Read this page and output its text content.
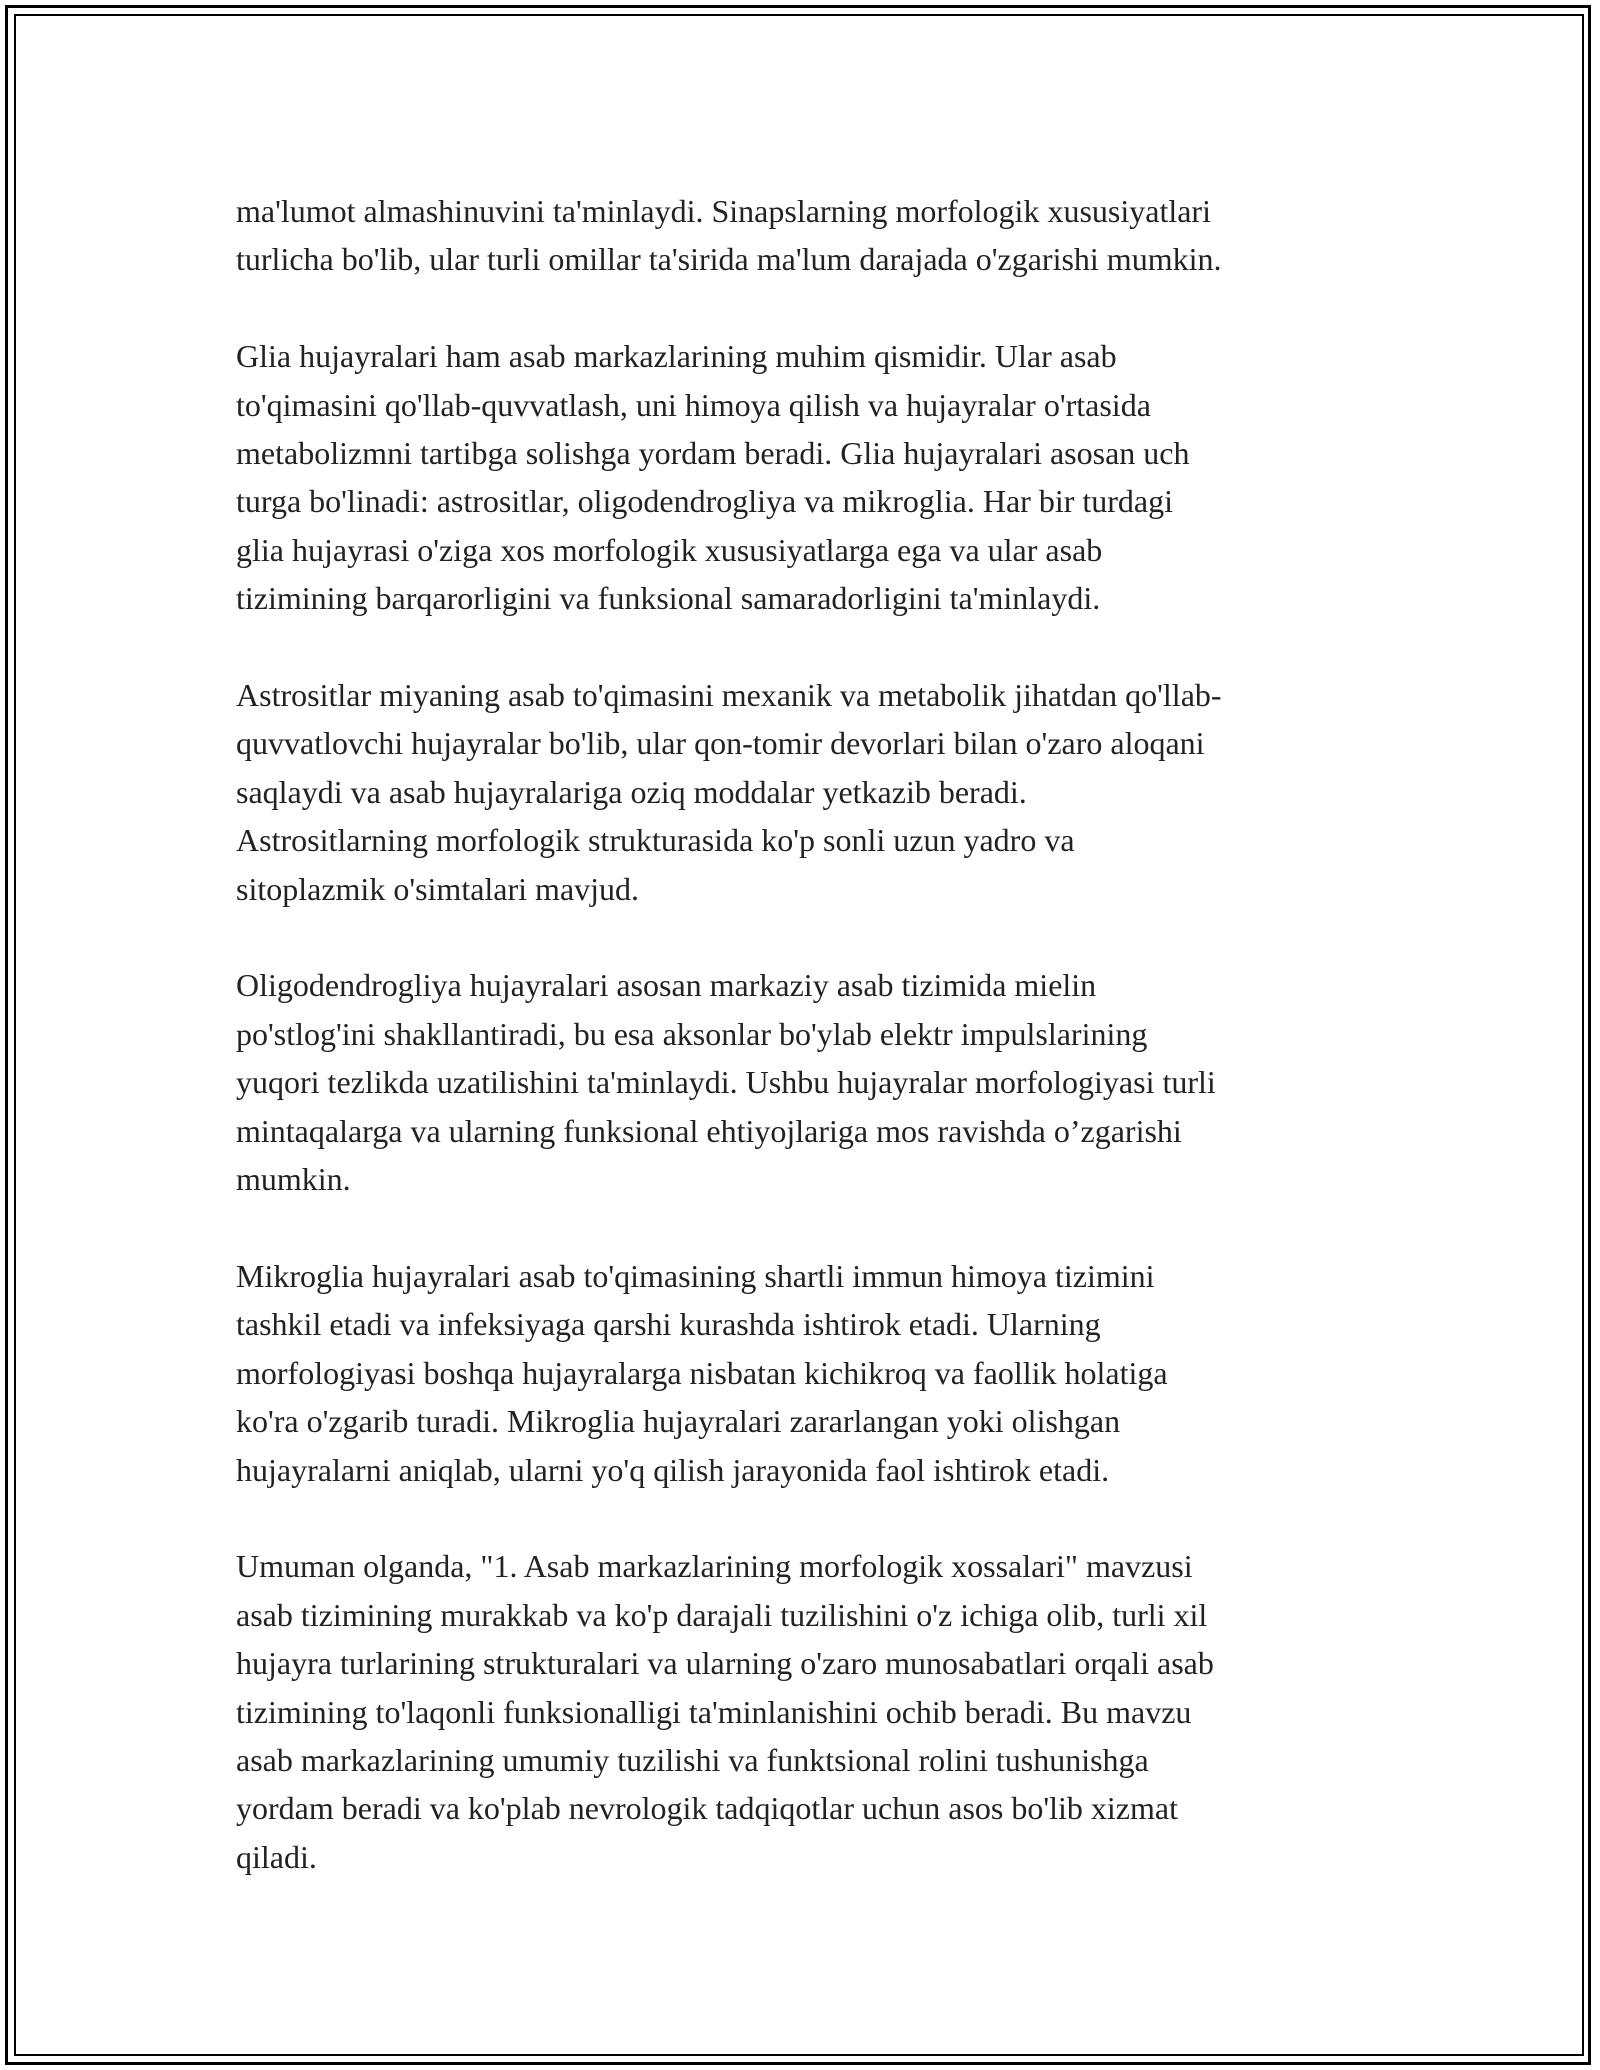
ma'lumot almashinuvini ta'minlaydi. Sinapslarning morfologik xususiyatlari
turlicha bo'lib, ular turli omillar ta'sirida ma'lum darajada o'zgarishi mumkin.

Glia hujayralari ham asab markazlarining muhim qismidir. Ular asab
to'qimasini qo'llab-quvvatlash, uni himoya qilish va hujayralar o'rtasida
metabolizmni tartibga solishga yordam beradi. Glia hujayralari asosan uch
turga bo'linadi: astrositlar, oligodendrogliya va mikroglia. Har bir turdagi
glia hujayrasi o'ziga xos morfologik xususiyatlarga ega va ular asab
tizimining barqarorligini va funksional samaradorligini ta'minlaydi.

Astrositlar miyaning asab to'qimasini mexanik va metabolik jihatdan qo'llab-
quvvatlovchi hujayralar bo'lib, ular qon-tomir devorlari bilan o'zaro aloqani
saqlaydi va asab hujayralariga oziq moddalar yetkazib beradi.
Astrositlarning morfologik strukturasida ko'p sonli uzun yadro va
sitoplazmik o'simtalari mavjud.

Oligodendrogliya hujayralari asosan markaziy asab tizimida mielin
po'stlog'ini shakllantiradi, bu esa aksonlar bo'ylab elektr impulslarining
yuqori tezlikda uzatilishini ta'minlaydi. Ushbu hujayralar morfologiyasi turli
mintaqalarga va ularning funksional ehtiyojlariga mos ravishda o’zgarishi
mumkin.

Mikroglia hujayralari asab to'qimasining shartli immun himoya tizimini
tashkil etadi va infeksiyaga qarshi kurashda ishtirok etadi. Ularning
morfologiyasi boshqa hujayralarga nisbatan kichikroq va faollik holatiga
ko'ra o'zgarib turadi. Mikroglia hujayralari zararlangan yoki olishgan
hujayralarni aniqlab, ularni yo'q qilish jarayonida faol ishtirok etadi.

Umuman olganda, "1. Asab markazlarining morfologik xossalari" mavzusi
asab tizimining murakkab va ko'p darajali tuzilishini o'z ichiga olib, turli xil
hujayra turlarining strukturalari va ularning o'zaro munosabatlari orqali asab
tizimining to'laqonli funksionalligi ta'minlanishini ochib beradi. Bu mavzu
asab markazlarining umumiy tuzilishi va funktsional rolini tushunishga
yordam beradi va ko'plab nevrologik tadqiqotlar uchun asos bo'lib xizmat
qiladi.
